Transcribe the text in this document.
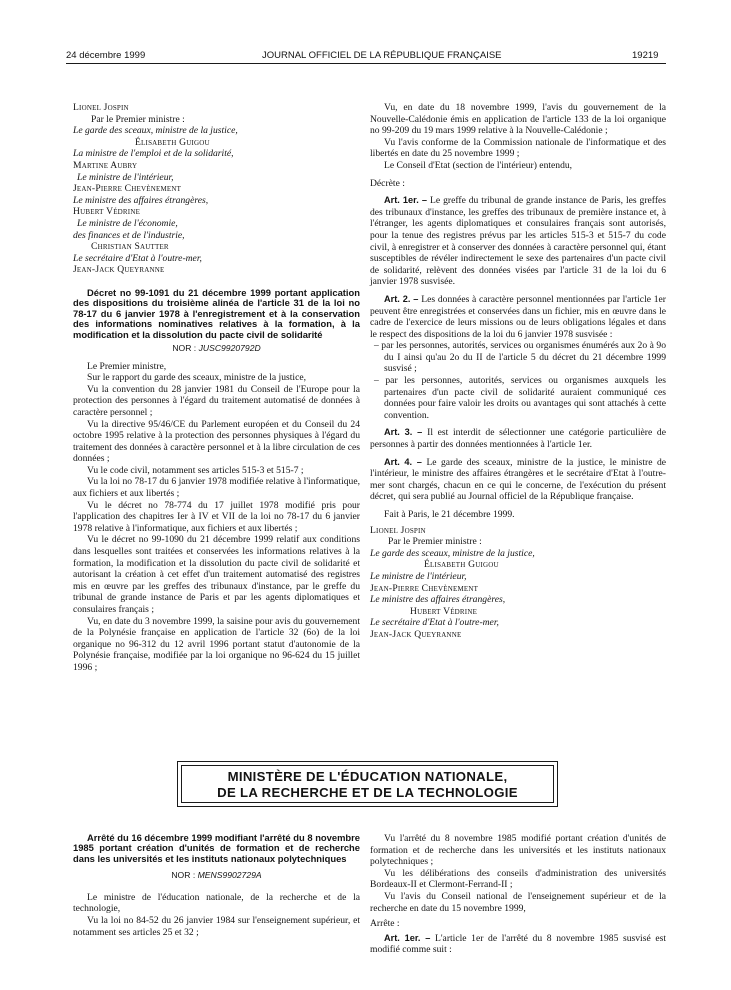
24 décembre 1999	JOURNAL OFFICIEL DE LA RÉPUBLIQUE FRANÇAISE	19219

Lionel Jospin

Par le Premier ministre :

Le garde des sceaux, ministre de la justice,

Élisabeth Guigou

La ministre de l'emploi et de la solidarité,

Martine Aubry

Le ministre de l'intérieur,

Jean-Pierre Chevènement

Le ministre des affaires étrangères,

Hubert Védrine

Le ministre de l'économie,

des finances et de l'industrie,

Christian Sautter

Le secrétaire d'Etat à l'outre-mer,

Jean-Jack Queyranne

Décret no 99-1091 du 21 décembre 1999 portant application des dispositions du troisième alinéa de l'article 31 de la loi no 78-17 du 6 janvier 1978 à l'enregistrement et à la conservation des informations nominatives relatives à la formation, à la modification et la dissolution du pacte civil de solidarité

NOR : JUSC9920792D

Le Premier ministre,

Sur le rapport du garde des sceaux, ministre de la justice,

Vu la convention du 28 janvier 1981 du Conseil de l'Europe pour la protection des personnes à l'égard du traitement automatisé de données à caractère personnel ;

Vu la directive 95/46/CE du Parlement européen et du Conseil du 24 octobre 1995 relative à la protection des personnes physiques à l'égard du traitement des données à caractère personnel et à la libre circulation de ces données ;

Vu le code civil, notamment ses articles 515-3 et 515-7 ;

Vu la loi no 78-17 du 6 janvier 1978 modifiée relative à l'informatique, aux fichiers et aux libertés ;

Vu le décret no 78-774 du 17 juillet 1978 modifié pris pour l'application des chapitres Ier à IV et VII de la loi no 78-17 du 6 janvier 1978 relative à l'informatique, aux fichiers et aux libertés ;

Vu le décret no 99-1090 du 21 décembre 1999 relatif aux conditions dans lesquelles sont traitées et conservées les informations relatives à la formation, la modification et la dissolution du pacte civil de solidarité et autorisant la création à cet effet d'un traitement automatisé des registres mis en œuvre par les greffes des tribunaux d'instance, par le greffe du tribunal de grande instance de Paris et par les agents diplomatiques et consulaires français ;

Vu, en date du 3 novembre 1999, la saisine pour avis du gouvernement de la Polynésie française en application de l'article 32 (6o) de la loi organique no 96-312 du 12 avril 1996 portant statut d'autonomie de la Polynésie française, modifiée par la loi organique no 96-624 du 15 juillet 1996 ;

Vu, en date du 18 novembre 1999, l'avis du gouvernement de la Nouvelle-Calédonie émis en application de l'article 133 de la loi organique no 99-209 du 19 mars 1999 relative à la Nouvelle-Calédonie ;

Vu l'avis conforme de la Commission nationale de l'informatique et des libertés en date du 25 novembre 1999 ;

Le Conseil d'Etat (section de l'intérieur) entendu,

Décrète :

Art. 1er. – Le greffe du tribunal de grande instance de Paris, les greffes des tribunaux d'instance, les greffes des tribunaux de première instance et, à l'étranger, les agents diplomatiques et consulaires français sont autorisés, pour la tenue des registres prévus par les articles 515-3 et 515-7 du code civil, à enregistrer et à conserver des données à caractère personnel qui, étant susceptibles de révéler indirectement le sexe des partenaires d'un pacte civil de solidarité, relèvent des données visées par l'article 31 de la loi du 6 janvier 1978 susvisée.

Art. 2. – Les données à caractère personnel mentionnées par l'article 1er peuvent être enregistrées et conservées dans un fichier, mis en œuvre dans le cadre de l'exercice de leurs missions ou de leurs obligations légales et dans le respect des dispositions de la loi du 6 janvier 1978 susvisée :

– par les personnes, autorités, services ou organismes énumérés aux 2o à 9o du I ainsi qu'au 2o du II de l'article 5 du décret du 21 décembre 1999 susvisé ;

– par les personnes, autorités, services ou organismes auxquels les partenaires d'un pacte civil de solidarité auraient communiqué ces données pour faire valoir les droits ou avantages qui sont attachés à cette convention.

Art. 3. – Il est interdit de sélectionner une catégorie particulière de personnes à partir des données mentionnées à l'article 1er.

Art. 4. – Le garde des sceaux, ministre de la justice, le ministre de l'intérieur, le ministre des affaires étrangères et le secrétaire d'Etat à l'outre-mer sont chargés, chacun en ce qui le concerne, de l'exécution du présent décret, qui sera publié au Journal officiel de la République française.

Fait à Paris, le 21 décembre 1999.

Lionel Jospin

Par le Premier ministre :

Le garde des sceaux, ministre de la justice,

Élisabeth Guigou

Le ministre de l'intérieur,

Jean-Pierre Chevènement

Le ministre des affaires étrangères,

Hubert Védrine

Le secrétaire d'Etat à l'outre-mer,

Jean-Jack Queyranne

MINISTÈRE DE L'ÉDUCATION NATIONALE,
DE LA RECHERCHE ET DE LA TECHNOLOGIE

Arrêté du 16 décembre 1999 modifiant l'arrêté du 8 novembre 1985 portant création d'unités de formation et de recherche dans les universités et les instituts nationaux polytechniques

NOR : MENS9902729A

Le ministre de l'éducation nationale, de la recherche et de la technologie,

Vu la loi no 84-52 du 26 janvier 1984 sur l'enseignement supérieur, et notamment ses articles 25 et 32 ;

Vu l'arrêté du 8 novembre 1985 modifié portant création d'unités de formation et de recherche dans les universités et les instituts nationaux polytechniques ;

Vu les délibérations des conseils d'administration des universités Bordeaux-II et Clermont-Ferrand-II ;

Vu l'avis du Conseil national de l'enseignement supérieur et de la recherche en date du 15 novembre 1999,

Arrête :

Art. 1er. – L'article 1er de l'arrêté du 8 novembre 1985 susvisé est modifié comme suit :
